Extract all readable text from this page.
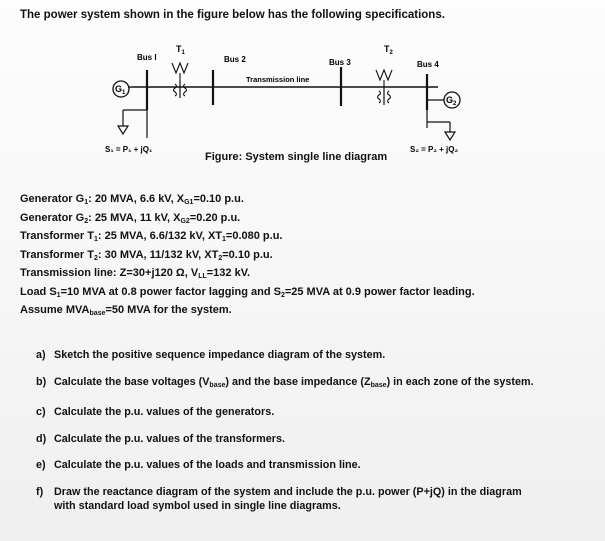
The power system shown in the figure below has the following specifications.
$G_1$
Bus I
S₁ = P₁ + jQ₁
$T_1$
Bus 2
Transmission line
Bus 3
$T_2$
Bus 4
$G_2$
S₂ = P₂ + jQ₂
Figure: System single line diagram
Generator $G_1$: 20 MVA, 6.6 kV, $X_{G1}=0.10$ p.u.
Generator $G_2$: 25 MVA, 11 kV, $X_{G2}=0.20$ p.u.
Transformer $T_1$: 25 MVA, 6.6/132 kV, $XT_1=0.080$ p.u.
Transformer $T_2$: 30 MVA, 11/132 kV, $XT_2=0.10$ p.u.
Transmission line: Z=30+j120 Ω, $V_{LL}=132$ kV.
Load $S_1=10$ MVA at 0.8 power factor lagging and $S_2=25$ MVA at 0.9 power factor leading.
Assume $MVA_{base}=50$ MVA for the system.
a) Sketch the positive sequence impedance diagram of the system.
b) Calculate the base voltages $(V_{base})$ and the base impedance $(Z_{base})$ in each zone of the system.
c) Calculate the p.u. values of the generators.
d) Calculate the p.u. values of the transformers.
e) Calculate the p.u. values of the loads and transmission line.
f) Draw the reactance diagram of the system and include the p.u. power (P+jQ) in the diagram
with standard load symbol used in single line diagrams.
